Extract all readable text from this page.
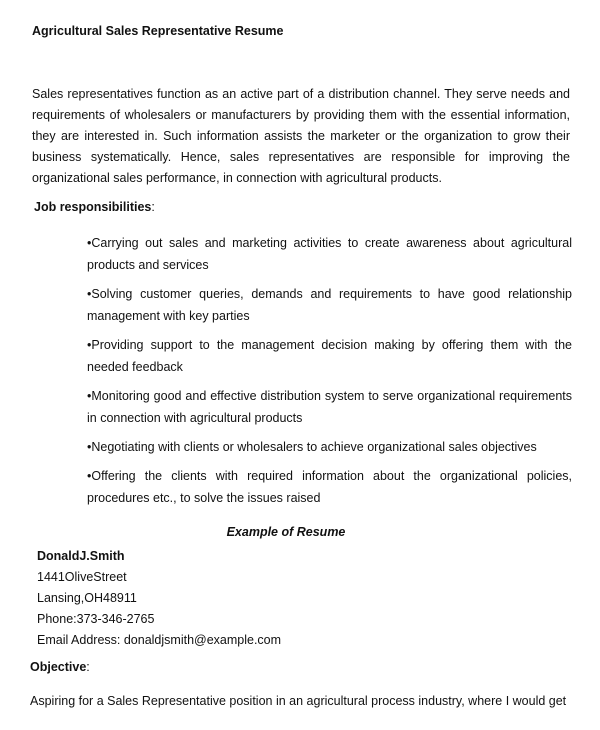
Agricultural Sales Representative Resume

Sales representatives function as an active part of a distribution channel. They serve needs and requirements of wholesalers or manufacturers by providing them with the essential information, they are interested in. Such information assists the marketer or the organization to grow their business systematically. Hence, sales representatives are responsible for improving the organizational sales performance, in connection with agricultural products.

Job responsibilities:

•Carrying out sales and marketing activities to create awareness about agricultural products and services
•Solving customer queries, demands and requirements to have good relationship management with key parties
•Providing support to the management decision making by offering them with the needed feedback
•Monitoring good and effective distribution system to serve organizational requirements in connection with agricultural products
•Negotiating with clients or wholesalers to achieve organizational sales objectives
•Offering the clients with required information about the organizational policies, procedures etc., to solve the issues raised

Example of Resume

DonaldJ.Smith
1441OliveStreet
Lansing,OH48911
Phone:373-346-2765
Email Address: donaldjsmith@example.com

Objective:

Aspiring for a Sales Representative position in an agricultural process industry, where I would get
